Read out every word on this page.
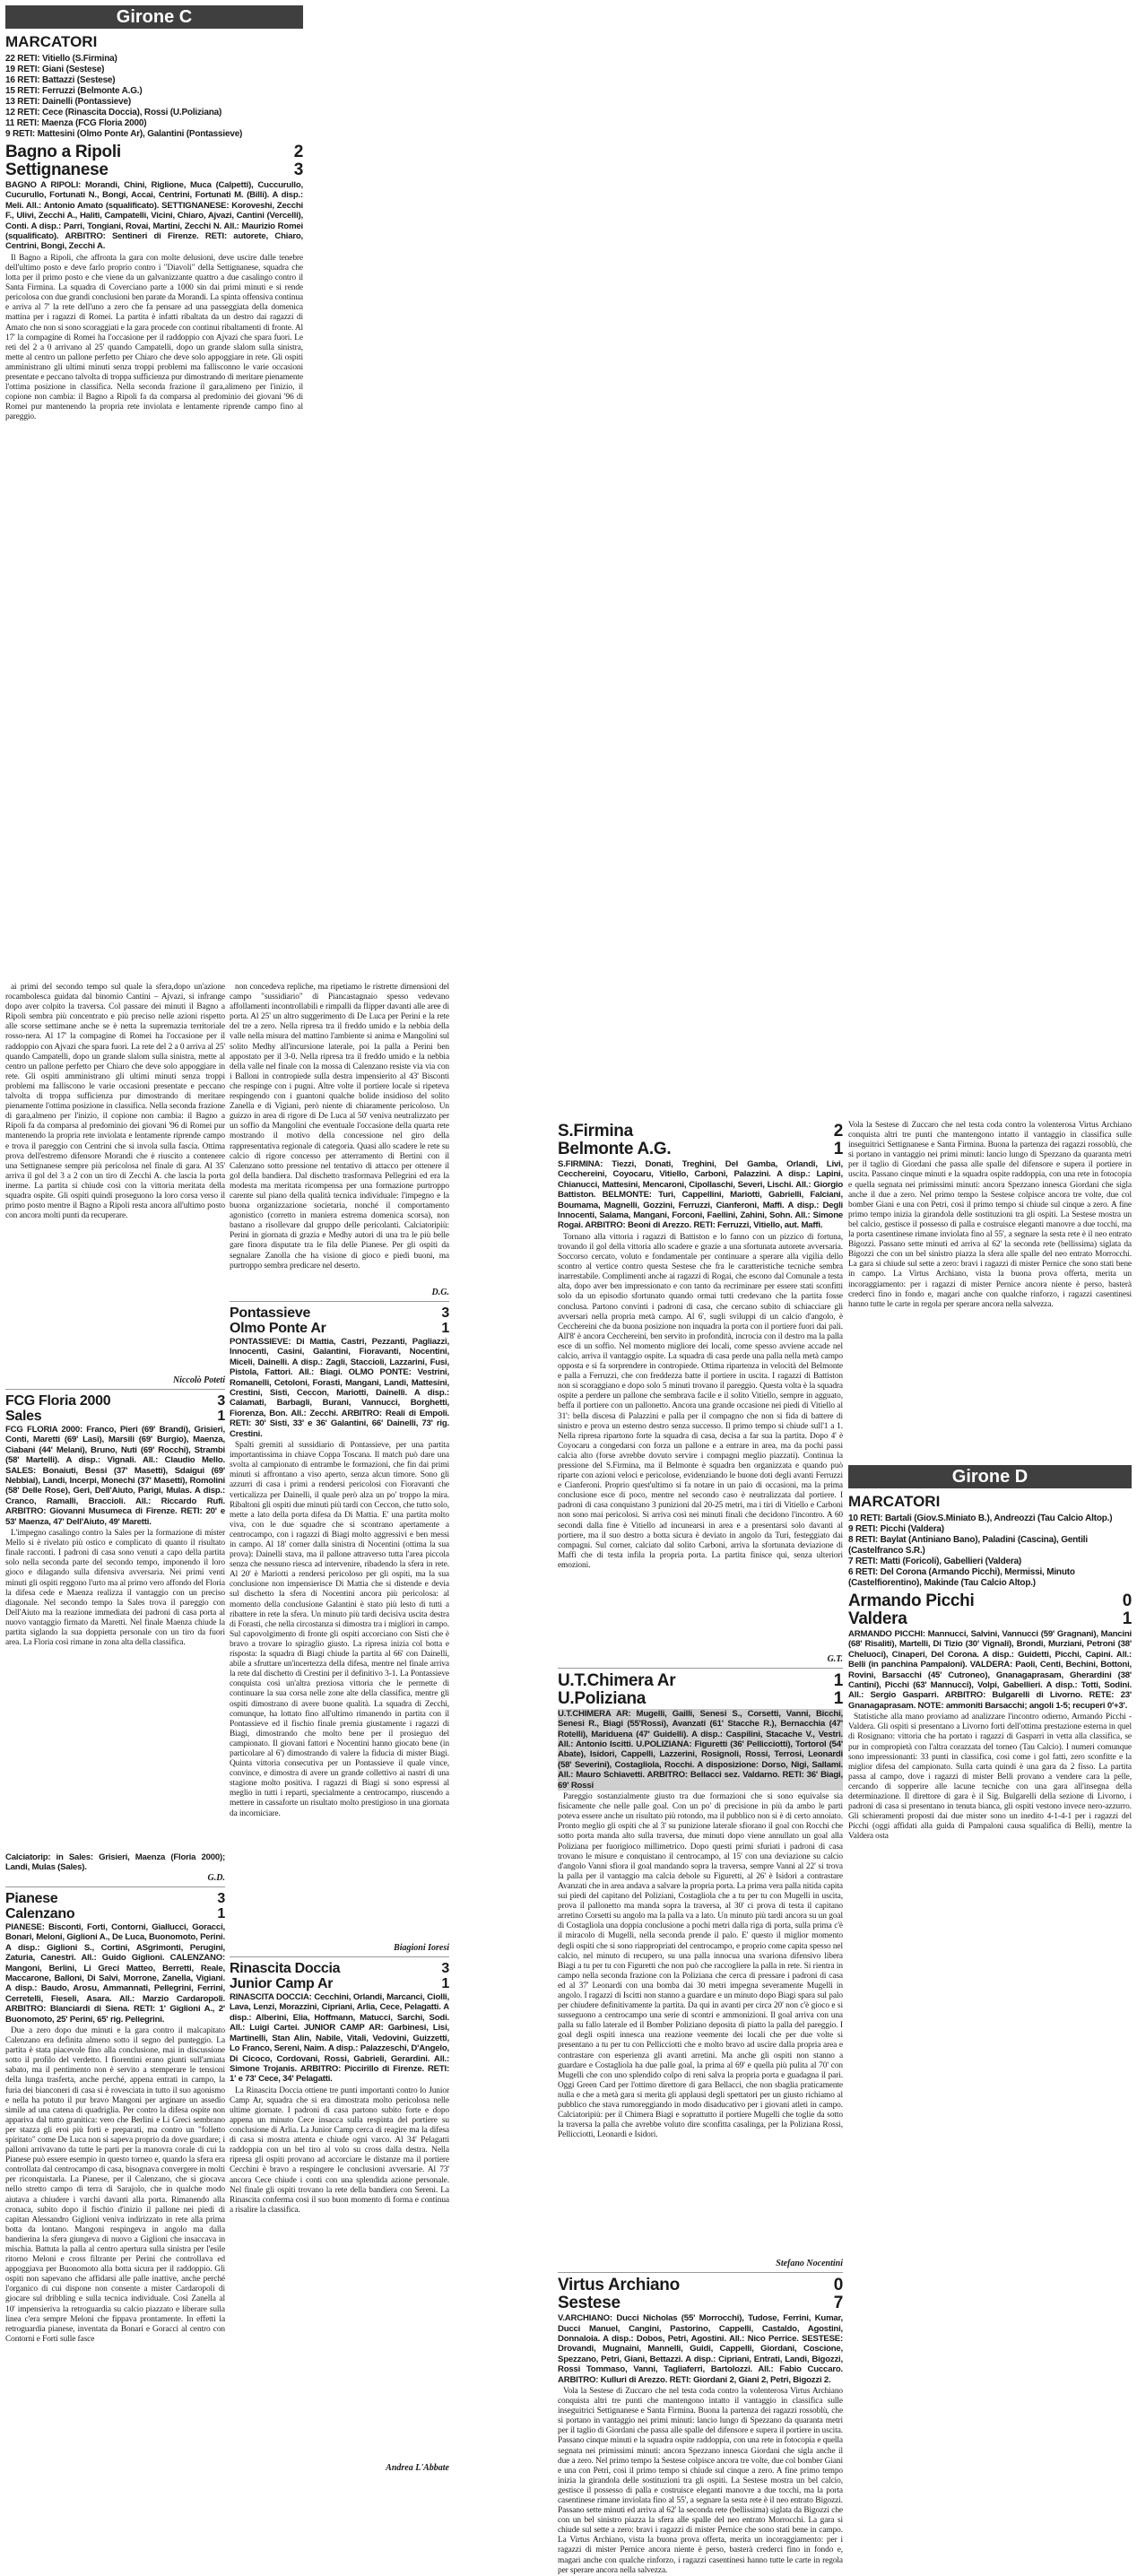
Girone C
MARCATORI
22 RETI: Vitiello (S.Firmina)
19 RETI: Giani (Sestese)
16 RETI: Battazzi (Sestese)
15 RETI: Ferruzzi (Belmonte A.G.)
13 RETI: Dainelli (Pontassieve)
12 RETI: Cece (Rinascita Doccia), Rossi (U.Poliziana)
11 RETI: Maenza (FCG Floria 2000)
9 RETI: Mattesini (Olmo Ponte Ar), Galantini (Pontassieve)
Bagno a Ripoli	2
Settignanese	3
BAGNO A RIPOLI: Morandi, Chini, Riglione, Muca (Calpetti), Cuccurullo, Cucurullo, Fortunati N., Bongi, Accai, Centrini, Fortunati M. (Billi). A disp.: Meli. All.: Antonio Amato (squalificato). SETTIGNANESE: Koroveshi, Zecchi F., Ulivi, Zecchi A., Haliti, Campatelli, Vicini, Chiaro, Ajvazi, Cantini (Vercelli), Conti. A disp.: Parri, Tongiani, Rovai, Martini, Zecchi N. All.: Maurizio Romei (squalificato). ARBITRO: Sentineri di Firenze. RETI: autorete, Chiaro, Centrini, Bongi, Zecchi A.
Il Bagno a Ripoli, che affronta la gara con molte delusioni, deve uscire dalle tenebre dell'ultimo posto e deve farlo proprio contro i "Diavoli" della Settignanese, squadra che lotta per il primo posto e che viene da un galvanizzante quattro a due casalingo contro il Santa Firmina. La squadra di Coverciano parte a 1000 sin dai primi minuti e si rende pericolosa con due grandi conclusioni ben parate da Morandi. La spinta offensiva continua e arriva al 7' la rete dell'uno a zero che fa pensare ad una passeggiata della domenica mattina per i ragazzi di Romei. La partita è infatti ribaltata da un destro dai ragazzi di Amato che non si sono scoraggiati e la gara procede con continui ribaltamenti di fronte. Al 17' la compagine di Romei ha l'occasione per il raddoppio con Ajvazi che spara fuori. Le reti del 2 a 0 arrivano al 25' quando Campatelli, dopo un grande slalom sulla sinistra, mette al centro un pallone perfetto per Chiaro che deve solo appoggiare in rete. Gli ospiti amministrano gli ultimi minuti senza troppi problemi ma fallisconno le varie occasioni presentate e peccano talvolta di troppa sufficienza pur dimostrando di meritare pienamente l'ottima posizione in classifica. Nella seconda frazione il gara,alimeno per l'inizio, il copione non cambia: il Bagno a Ripoli fa da comparsa al predominio dei giovani '96 di Romei pur mantenendo la propria rete inviolata e lentamente riprende campo fino al pareggio.
ai primi del secondo tempo sul quale la sfera,dopo un'azione rocambolesca guidata dal binomio Cantini – Ajvazi, si infrange dopo aver colpito la traversa. Col passare dei minuti il Bagno a Ripoli sembra più concentrato e più preciso nelle azioni rispetto alle scorse settimane anche se è netta la supremazia territoriale rosso-nera. Al 17' la compagine di Romei ha l'occasione per il raddoppio con Ajvazi che spara fuori. La rete del 2 a 0 arriva al 25' quando Campatelli, dopo un grande slalom sulla sinistra, mette al centro un pallone perfetto per Chiaro che deve solo appoggiare in rete. Gli ospiti amministrano gli ultimi minuti senza troppi problemi ma falliscono le varie occasioni presentate e peccano talvolta di troppa sufficienza pur dimostrando di meritare pienamente l'ottima posizione in classifica. Nella seconda frazione di gara,almeno per l'inizio, il copione non cambia: il Bagno a Ripoli fa da comparsa al predominio dei giovani '96 di Romei pur mantenendo la propria rete inviolata e lentamente riprende campo e trova il pareggio con Centrini che si invola sulla fascia. Ottima prova dell'estremo difensore Morandi che è riuscito a contenere una Settignanese sempre più pericolosa nel finale di gara. Al 35' arriva il gol del 3 a 2 con un tiro di Zecchi A. che lascia la porta inerme. La partita si chiude così con la vittoria meritata della squadra ospite. Gli ospiti quindi proseguono la loro corsa verso il primo posto mentre il Bagno a Ripoli resta ancora all'ultimo posto con ancora molti punti da recuperare.
Niccolò Poteti
FCG Floria 2000	3
Sales	1
FCG FLORIA 2000: Franco, Pieri (69' Brandi), Grisieri, Conti, Maretti (69' Lasi), Marsili (69' Burgio), Maenza, Ciabani (44' Melani), Bruno, Nuti (69' Rocchi), Strambi (58' Martelli). A disp.: Vignali. All.: Claudio Mello. SALES: Bonaiuti, Bessi (37' Masetti), Sdaigui (69' Nebbiai), Landi, Incerpi, Monechi (37' Masetti), Romolini (58' Delle Rose), Geri, Dell'Aiuto, Parigi, Mulas. A disp.: Cranco, Ramalli, Braccioli. All.: Riccardo Rufi. ARBITRO: Giovanni Musumeca di Firenze. RETI: 20' e 53' Maenza, 47' Dell'Aiuto, 49' Maretti.
L'impegno casalingo contro la Sales per la formazione di mister Mello si è rivelato più ostico e complicato di quanto il risultato finale racconti. I padroni di casa sono venuti a capo della partita solo nella seconda parte del secondo tempo, imponendo il loro gioco e dilagando sulla difensiva avversaria. Nei primi venti minuti gli ospiti reggono l'urto ma al primo vero affondo del Floria la difesa cede e Maenza realizza il vantaggio con un preciso diagonale. Nel secondo tempo la Sales trova il pareggio con Dell'Aiuto ma la reazione immediata dei padroni di casa porta al nuovo vantaggio firmato da Maretti. Nel finale Maenza chiude la partita siglando la sua doppietta personale con un tiro da fuori area. La Floria così rimane in zona alta della classifica.
Calciatorip: in Sales: Grisieri, Maenza (Floria 2000); Landi, Mulas (Sales).
G.D.
Pianese	3
Calenzano	1
PIANESE: Bisconti, Forti, Contorni, Giallucci, Goracci, Bonari, Meloni, Giglioni A., De Luca, Buonomoto, Perini. A disp.: Giglioni S., Cortini, ASgrimonti, Perugini, Zaturia, Canestri. All.: Guido Giglioni. CALENZANO: Mangoni, Berlini, Li Greci Matteo, Berretti, Reale, Maccarone, Balloni, Di Salvi, Morrone, Zanella, Vigiani. A disp.: Baudo, Arosu, Ammannati, Pellegrini, Ferrini, Cerretelli, Fieseli, Asara. All.: Marzio Cardaropoli. ARBITRO: Blanciardi di Siena. RETI: 1' Giglioni A., 2' Buonomoto, 25' Perini, 65' rig. Pellegrini.
Due a zero dopo due minuti e la gara contro il malcapitato Calenzano era definita almeno sotto il segno del punteggio. La partita è stata piacevole fino alla conclusione, mai in discussione sotto il profilo del verdetto. I fiorentini erano giunti sull'amiata sabato, ma il pentimento non è servito a stemperare le tensioni della lunga trasferta, anche perché, appena entrati in campo, la furia dei bianconeri di casa si è rovesciata in tutto il suo agonismo e nella ha potuto il pur bravo Mangoni per arginare un assedio simile ad una catena di quadriglia. Per contro la difesa ospite non appariva dal tutto granitica: vero che Berlini e Li Greci sembrano per stazza gli eroi più forti e preparati, ma contro un "folletto spiritato" come De Luca non si sapeva proprio da dove guardare; i palloni arrivavano da tutte le parti per la manovra corale di cui la Pianese può essere esempio in questo torneo e, quando la sfera era controllata dal centrocampo di casa, bisognava convergere in molti per riconquistarla. La Pianese, per il Calenzano, che si giocava nello stretto campo di terra di Sarajolo, che in qualche modo aiutava a chiudere i varchi davanti alla porta. Rimanendo alla cronaca, subito dopo il fischio d'inizio il pallone nei piedi di capitan Alessandro Giglioni veniva indirizzato in rete alla prima botta da lontano. Mangoni respingeva in angolo ma dalla bandierina la sfera giungeva di nuovo a Giglioni che insaccava in mischia. Battuta la palla al centro apertura sulla sinistra per l'esile ritorno Meloni e cross filtrante per Perini che controllava ed appoggiava per Buonomoto alla botta sicura per il raddoppio. Gli ospiti non sapevano che affidarsi alle palle inattive, anche perché l'organico di cui dispone non consente a mister Cardaropoli di giocare sul dribbling e sulla tecnica individuale. Così Zanella al 10' impensieriva la retroguardia su calcio piazzato e liberare sulla linea c'era sempre Meloni che fippava prontamente. In effetti la retroguardia pianese, inventata da Bonari e Goracci al centro con Contorni e Forti sulle fasce
non concedeva repliche, ma ripetiamo le ristrette dimensioni del campo "sussidiario" di Piancastagnaio spesso vedevano affollamenti incontrollabili e rimpalli da flipper davanti alle aree di porta. Al 25' un altro suggerimento di De Luca per Perini e la rete del tre a zero. Nella ripresa tra il freddo umido e la nebbia della valle nella misura del mattino l'ambiente si anima e Mangolini sul solito Medhy all'incursione laterale, poi la palla a Perini ben appostato per il 3-0. Nella ripresa tra il freddo umido e la nebbia della valle nel finale con la mossa di Calenzano resiste via via con i Balloni in contropiede sulla destra impensierito al 43' Bisconti che respinge con i pugni. Altre volte il portiere locale si ripeteva respingendo con i guantoni qualche bolide insidioso del solito Zanella e di Vigiani, però niente di chiaramente pericoloso. Un guizzo in area di rigore di De Luca al 50' veniva neutralizzato per un soffio da Mangolini che eventuale l'occasione della quarta rete mostrando il motivo della concessione nel giro della rappresentativa regionale di categoria. Quasi allo scadere le rete su calcio di rigore concesso per atterramento di Bertini con il Calenzano sotto pressione nel tentativo di attacco per ottenere il gol della bandiera. Dal dischetto trasformava Pellegrini ed era la modesta ma meritata ricompensa per una formazione purtroppo carente sul piano della qualità tecnica individuale: l'impegno e la buona organizzazione societaria, nonché il comportamento agonistico (corretto in maniera estrema domenica scorsa), non bastano a risollevare dal gruppo delle pericolanti. Calciatoripiù: Perini in giornata di grazia e Medhy autori di una tra le più belle gare finora disputate tra le fila delle Pianese. Per gli ospiti da segnalare Zanolla che ha visione di gioco e piedi buoni, ma purtroppo sembra predicare nel deserto.
D.G.
Pontassieve	3
Olmo Ponte Ar	1
PONTASSIEVE: Di Mattia, Castri, Pezzanti, Pagliazzi, Innocenti, Casini, Galantini, Fioravanti, Nocentini, Miceli, Dainelli. A disp.: Zagli, Staccioli, Lazzarini, Fusi, Pistola, Fattori. All.: Biagi. OLMO PONTE: Vestrini, Romanelli, Cetoloni, Forasti, Mangani, Landi, Mattesini, Crestini, Sisti, Ceccon, Mariotti, Dainelli. A disp.: Calamati, Barbagli, Burani, Vannucci, Borghetti, Fiorenza, Bon. All.: Zecchi. ARBITRO: Reali di Empoli. RETI: 30' Sisti, 33' e 36' Galantini, 66' Dainelli, 73' rig. Crestini.
Spalti gremiti al sussidiario di Pontassieve, per una partita importantissima in chiave Coppa Toscana. Il match può dare una svolta al campionato di entrambe le formazioni, che fin dai primi minuti si affrontano a viso aperto, senza alcun timore. Sono gli azzurri di casa i primi a rendersi pericolosi con Fioravanti che verticalizza per Dainelli, il quale però alza un po' troppo la mira. Ribaltoni gli ospiti due minuti più tardi con Ceccon, che tutto solo, mette a lato della porta difesa da Di Mattia. E' una partita molto viva, con le due squadre che si scontrano apertamente a centrocampo, con i ragazzi di Biagi molto aggressivi e ben messi in campo. Al 18' corner dalla sinistra di Nocentini (ottima la sua prova): Dainelli stava, ma il pallone attraverso tutta l'area piccola senza che nessuno riesca ad intervenire, ribadendo la sfera in rete. Al 20' è Mariotti a rendersi pericoloso per gli ospiti, ma la sua conclusione non impensierisce Di Mattia che si distende e devia sul dischetto la sfera di Nocentini ancora più pericolosa: al momento della conclusione Galantini è stato più lesto di tutti a ribattere in rete la sfera. Un minuto più tardi decisiva uscita destra di Forasti, che nella circostanza si dimostra tra i migliori in campo. Sul capovolgimento di fronte gli ospiti accorciano con Sisti che è bravo a trovare lo spiraglio giusto. La ripresa inizia col botta e risposta: la squadra di Biagi chiude la partita al 66' con Dainelli, abile a sfruttare un'incertezza della difesa, mentre nel finale arriva la rete dal dischetto di Crestini per il definitivo 3-1. La Pontassieve conquista così un'altra preziosa vittoria che le permette di continuare la sua corsa nelle zone alte della classifica, mentre gli ospiti dimostrano di avere buone qualità. La squadra di Zecchi, comunque, ha lottato fino all'ultimo rimanendo in partita con il Pontassieve ed il fischio finale premia giustamente i ragazzi di Biagi, dimostrando che molto bene per il prosieguo del campionato. Il giovani fattori e Nocentini hanno giocato bene (in particolare al 6') dimostrando di valere la fiducia di mister Biagi. Quinta vittoria consecutiva per un Pontassieve il quale vince, convince, e dimostra di avere un grande collettivo ai nastri di una stagione molto positiva. I ragazzi di Biagi si sono espressi al meglio in tutti i reparti, specialmente a centrocampo, riuscendo a mettere in cassaforte un risultato molto prestigioso in una giornata da incorniciare.
Biagioni Ioresi
Rinascita Doccia	3
Junior Camp Ar	1
RINASCITA DOCCIA: Cecchini, Orlandi, Marcanci, Ciolli, Lava, Lenzi, Morazzini, Cipriani, Arlia, Cece, Pelagatti. A disp.: Alberini, Elia, Hoffmann, Matucci, Sarchi, Sodi. All.: Luigi Cartei. JUNIOR CAMP AR: Garbinesi, Lisi, Martinelli, Stan Alin, Nabile, Vitali, Vedovini, Guizzetti, Lo Franco, Sereni, Naim. A disp.: Palazzeschi, D'Angelo, Di Cicoco, Cordovani, Rossi, Gabrieli, Gerardini. All.: Simone Trojanis. ARBITRO: Piccirillo di Firenze. RETI: 1' e 73' Cece, 34' Pelagatti.
La Rinascita Doccia ottiene tre punti importanti contro lo Junior Camp Ar, squadra che si era dimostrata molto pericolosa nelle ultime giornate. I padroni di casa partono subito forte e dopo appena un minuto Cece insacca sulla respinta del portiere su conclusione di Arlia. La Junior Camp cerca di reagire ma la difesa di casa si mostra attenta e chiude ogni varco. Al 34' Pelagatti raddoppia con un bel tiro al volo su cross dalla destra. Nella ripresa gli ospiti provano ad accorciare le distanze ma il portiere Cecchini è bravo a respingere le conclusioni avversarie. Al 73' ancora Cece chiude i conti con una splendida azione personale. Nel finale gli ospiti trovano la rete della bandiera con Sereni. La Rinascita conferma così il suo buon momento di forma e continua a risalire la classifica.
Andrea L'Abbate
S.Firmina	2
Belmonte A.G.	1
S.FIRMINA: Tiezzi, Donati, Treghini, Del Gamba, Orlandi, Livi, Cecchereini, Coyocaru, Vitiello, Carboni, Palazzini. A disp.: Lapini, Chianucci, Mattesini, Mencaroni, Cipollaschi, Severi, Lischi. All.: Giorgio Battiston. BELMONTE: Turi, Cappellini, Mariotti, Gabrielli, Falciani, Boumama, Magnelli, Gozzini, Ferruzzi, Cianferoni, Maffi. A disp.: Degli Innocenti, Salama, Mangani, Forconi, Faellini, Zahini, Sohn. All.: Simone Rogai. ARBITRO: Beoni di Arezzo. RETI: Ferruzzi, Vitiello, aut. Maffi.
Tornano alla vittoria i ragazzi di Battiston e lo fanno con un pizzico di fortuna, trovando il gol della vittoria allo scadere e grazie a una sfortunata autorete avversaria. Soccorso cercato, voluto e fondamentale per continuare a sperare alla vigilia dello scontro al vertice contro questa Sestese che fra le caratteristiche tecniche sembra inarrestabile. Complimenti anche ai ragazzi di Rogai, che escono dal Comunale a testa alta, dopo aver ben impressionato e con tanto da recriminare per essere stati sconfitti solo da un episodio sfortunato quando ormai tutti credevano che la partita fosse conclusa. Partono convinti i padroni di casa, che cercano subito di schiacciare gli avversari nella propria metà campo. Al 6', sugli sviluppi di un calcio d'angolo, è Cecchereini che da buona posizione non inquadra la porta con il portiere fuori dai pali. All'8' è ancora Cecchereini, ben servito in profondità, incrocia con il destro ma la palla esce di un soffio. Nel momento migliore dei locali, come spesso avviene accade nel calcio, arriva il vantaggio ospite. La squadra di casa perde una palla nella metà campo opposta e si fa sorprendere in contropiede. Ottima ripartenza in velocità del Belmonte e palla a Ferruzzi, che con freddezza batte il portiere in uscita. I ragazzi di Battiston non si scoraggiano e dopo solo 5 minuti trovano il pareggio. Questa volta è la squadra ospite a perdere un pallone che sembrava facile e il solito Vitiello, sempre in agguato, beffa il portiere con un pallonetto. Ancora una grande occasione nei piedi di Vitiello al 31': bella discesa di Palazzini e palla per il compagno che non si fida di battere di sinistro e prova un esterno destro senza successo. Il primo tempo si chiude sull'1 a 1. Nella ripresa ripartono forte la squadra di casa, decisa a far sua la partita. Dopo 4' è Coyocaru a congedarsi con forza un pallone e a entrare in area, ma da pochi passi calcia alto (forse avrebbe dovuto servire i compagni meglio piazzati). Continua la pressione del S.Firmina, ma il Belmonte è squadra ben organizzata e quando può riparte con azioni veloci e pericolose, evidenziando le buone doti degli avanti Ferruzzi e Cianferoni. Proprio quest'ultimo si fa notare in un paio di occasioni, ma la prima conclusione esce di poco, mentre nel secondo caso è neutralizzata dal portiere. I padroni di casa conquistano 3 punizioni dal 20-25 metri, ma i tiri di Vitiello e Carboni non sono mai pericolosi. Si arriva così nei minuti finali che decidono l'incontro. A 60 secondi dalla fine è Vitiello ad incunearsi in area e a presentarsi solo davanti al portiere, ma il suo destro a botta sicura è deviato in angolo da Turi, festeggiato dai compagni. Sul corner, calciato dal solito Carboni, arriva la sfortunata deviazione di Maffi che di testa infila la propria porta. La partita finisce qui, senza ulteriori emozioni.
G.T.
U.T.Chimera Ar	1
U.Poliziana	1
U.T.CHIMERA AR: Mugelli, Gailli, Senesi S., Corsetti, Vanni, Bicchi, Senesi R., Biagi (55'Rossi), Avanzati (61' Stacche R.), Bernacchia (47' Rotelli), Mariduena (47' Guidelli). A disp.: Caspilini, Stacache V., Vestri. All.: Antonio Iscitti. U.POLIZIANA: Figuretti (36' Pellicciotti), Tortorol (54' Abate), Isidori, Cappelli, Lazzerini, Rosignoli, Rossi, Terrosi, Leonardi (58' Severini), Costagliola, Rocchi. A disposizione: Dorso, Nigi, Sallami. All.: Mauro Schiavetti. ARBITRO: Bellacci sez. Valdarno. RETI: 36' Biagi, 69' Rossi
Pareggio sostanzialmente giusto tra due formazioni che si sono equivalse sia fisicamente che nelle palle goal. Con un po' di precisione in più da ambo le parti poteva essere anche un risultato più rotondo, ma il pubblico non si è di certo annoiato. Pronto meglio gli ospiti che al 3' su punizione laterale sfiorano il goal con Rocchi che sotto porta manda alto sulla traversa, due minuti dopo viene annullato un goal alla Poliziana per fuorigioco millimetrico. Dopo questi primi sfuriati i padroni di casa trovano le misure e conquistano il centrocampo, al 15' con una deviazione su calcio d'angolo Vanni sfiora il goal mandando sopra la traversa, sempre Vanni al 22' si trova la palla per il vantaggio ma calcia debole su Figuretti, al 26' è Isidori a contrastare Avanzati che in area andava a salvare la propria porta. La prima vera palla nitida capita sui piedi del capitano del Poliziani, Costagliola che a tu per tu con Mugelli in uscita, prova il pallonetto ma manda sopra la traversa, al 30' ci prova di testa il capitano arretino Corsetti su angolo ma la palla va a lato. Un minuto più tardi ancora su un goal di Costagliola una doppia conclusione a pochi metri dalla riga di porta, sulla prima c'è il miracolo di Mugelli, nella seconda prende il palo. E' questo il miglior momento degli ospiti che si sono riappropriati del centrocampo, e proprio come capita spesso nel calcio, nel minuto di recupero, su una palla innocua una svariona difensivo libera Biagi a tu per tu con Figuretti che non può che raccogliere la palla in rete. Si rientra in campo nella seconda frazione con la Poliziana che cerca di pressare i padroni di casa ed al 37' Leonardi con una bomba dai 30 metri impegna severamente Mugelli in angolo. I ragazzi di Iscitti non stanno a guardare e un minuto dopo Biagi spara sul palo per chiudere definitivamente la partita. Da qui in avanti per circa 20' non c'è gioco e si susseguono a centrocampo una serie di scontri e ammonizioni. Il goal arriva con una palla su fallo laterale ed il Bomber Poliziano deposita di piatto la palla del pareggio. I goal degli ospiti innesca una reazione veemente dei locali che per due volte si presentano a tu per tu con Pellicciotti che e molto bravo ad uscire dalla propria area e contrastare con esperienza gli avanti arretini. Ma anche gli ospiti non stanno a guardare e Costagliola ha due palle goal, la prima al 69' e quella più pulita al 70' con Mugelli che con uno splendido colpo di reni salva la propria porta e guadagna il pari. Oggi Green Card per l'ottimo direttore di gara Bellacci, che non sbaglia praticamente nulla e che a metà gara si merita gli applausi degli spettatori per un giusto richiamo al pubblico che stava rumoreggiando in modo disaducativo per i giovani atleti in campo. Calciatoripiù: per il Chimera Biagi e soprattutto il portiere Mugelli che toglie da sotto la traversa la palla che avrebbe voluto dire sconfitta casalinga, per la Poliziana Rossi, Pellicciotti, Leonardi e Isidori.
Stefano Nocentini
Virtus Archiano	0
Sestese	7
V.ARCHIANO: Ducci Nicholas (55' Morrocchi), Tudose, Ferrini, Kumar, Ducci Manuel, Cangini, Pastorino, Cappelli, Castaldo, Agostini, Donnaloia. A disp.: Dobos, Petri, Agostini. All.: Nico Perrice. SESTESE: Drovandi, Mugnaini, Mannelli, Guidi, Cappelli, Giordani, Coscione, Spezzano, Petri, Giani, Bettazzi. A disp.: Cipriani, Entrati, Landi, Bigozzi, Rossi Tommaso, Vanni, Tagliaferri, Bartolozzi. All.: Fabio Cuccaro. ARBITRO: Kulluri di Arezzo. RETI: Giordani 2, Giani 2, Petri, Bigozzi 2.
Vola la Sestese di Zuccaro che nel testa coda contro la volenterosa Virtus Archiano conquista altri tre punti che mantengono intatto il vantaggio in classifica sulle inseguitrici Settignanese e Santa Firmina. Buona la partenza dei ragazzi rossoblù, che si portano in vantaggio nei primi minuti: lancio lungo di Spezzano da quaranta metri per il taglio di Giordani che passa alle spalle del difensore e supera il portiere in uscita. Passano cinque minuti e la squadra ospite raddoppia, con una rete in fotocopia e quella segnata nei primissimi minuti: ancora Spezzano innesca Giordani che sigla anche il due a zero. Nel primo tempo la Sestese colpisce ancora tre volte, due col bomber Giani e una con Petri, così il primo tempo si chiude sul cinque a zero. A fine primo tempo inizia la girandola delle sostituzioni tra gli ospiti. La Sestese mostra un bel calcio, gestisce il possesso di palla e costruisce eleganti manovre a due tocchi, ma la porta casentinese rimane inviolata fino al 55', a segnare la sesta rete è il neo entrato Bigozzi. Passano sette minuti ed arriva al 62' la seconda rete (bellissima) siglata da Bigozzi che con un bel sinistro piazza la sfera alle spalle del neo entrato Morrocchi. La gara si chiude sul sette a zero: bravi i ragazzi di mister Pernice che sono stati bene in campo. La Virtus Archiano, vista la buona prova offerta, merita un incoraggiamento: per i ragazzi di mister Pernice ancora niente è perso, basterà crederci fino in fondo e, magari anche con qualche rinforzo, i ragazzi casentinesi hanno tutte le carte in regola per sperare ancora nella salvezza.
Vola la Sestese di Zuccaro che nel testa coda contro la volenterosa Virtus Archiano conquista altri tre punti che mantengono intatto il vantaggio in classifica sulle inseguitrici Settignanese e Santa Firmina. Buona la partenza dei ragazzi rossoblù, che si portano in vantaggio nei primi minuti: lancio lungo di Spezzano da quaranta metri per il taglio di Giordani che passa alle spalle del difensore e supera il portiere in uscita. Passano cinque minuti e la squadra ospite raddoppia, con una rete in fotocopia e quella segnata nei primissimi minuti: ancora Spezzano innesca Giordani che sigla anche il due a zero. Nel primo tempo la Sestese colpisce ancora tre volte, due col bomber Giani e una con Petri, così il primo tempo si chiude sul cinque a zero. A fine primo tempo inizia la girandola delle sostituzioni tra gli ospiti. La Sestese mostra un bel calcio, gestisce il possesso di palla e costruisce eleganti manovre a due tocchi, ma la porta casentinese rimane inviolata fino al 55', a segnare la sesta rete è il neo entrato Bigozzi. Passano sette minuti ed arriva al 62' la seconda rete (bellissima) siglata da Bigozzi che con un bel sinistro piazza la sfera alle spalle del neo entrato Morrocchi. La gara si chiude sul sette a zero: bravi i ragazzi di mister Pernice che sono stati bene in campo. La Virtus Archiano, vista la buona prova offerta, merita un incoraggiamento: per i ragazzi di mister Pernice ancora niente è perso, basterà crederci fino in fondo e, magari anche con qualche rinforzo, i ragazzi casentinesi hanno tutte le carte in regola per sperare ancora nella salvezza.
Girone D
MARCATORI
10 RETI: Bartali (Giov.S.Miniato B.), Andreozzi (Tau Calcio Altop.)
9 RETI: Picchi (Valdera)
8 RETI: Baylat (Antiniano Bano), Paladini (Cascina), Gentili (Castelfranco S.R.)
7 RETI: Matti (Foricoli), Gabellieri (Valdera)
6 RETI: Del Corona (Armando Picchi), Mermissi, Minuto (Castelfiorentino), Makinde (Tau Calcio Altop.)
Armando Picchi	0
Valdera	1
ARMANDO PICCHI: Mannucci, Salvini, Vannucci (59' Gragnani), Mancini (68' Risaliti), Martelli, Di Tizio (30' Vignali), Brondi, Murziani, Petroni (38' Cheluoci), Cinaperi, Del Corona. A disp.: Guidetti, Picchi, Capini. All.: Belli (in panchina Pampaloni). VALDERA: Paoli, Centi, Bechini, Bottoni, Rovini, Barsacchi (45' Cutroneo), Gnanagaprasam, Gherardini (38' Cantini), Picchi (63' Mannucci), Volpi, Gabellieri. A disp.: Totti, Sodini. All.: Sergio Gasparri. ARBITRO: Bulgarelli di Livorno. RETE: 23' Gnanagaprasam. NOTE: ammoniti Barsacchi; angoli 1-5; recuperi 0'+3'.
Statistiche alla mano proviamo ad analizzare l'incontro odierno, Armando Picchi - Valdera. Gli ospiti si presentano a Livorno forti dell'ottima prestazione esterna in quel di Rosignano: vittoria che ha portato i ragazzi di Gasparri in vetta alla classifica, se pur in compropietà con l'altra corazzata del torneo (Tau Calcio). I numeri comunque sono impressionanti: 33 punti in classifica, così come i gol fatti, zero sconfitte e la miglior difesa del campionato. Sulla carta quindi è una gara da 2 fisso. La partita passa al campo, dove i ragazzi di mister Belli provano a vendere cara la pelle, cercando di sopperire alle lacune tecniche con una gara all'insegna della determinazione. Il direttore di gara è il Sig. Bulgarelli della sezione di Livorno, i padroni di casa si presentano in tenuta bianca, gli ospiti vestono invece nero-azzurro. Gli schieramenti proposti dai due mister sono un inedito 4-1-4-1 per i ragazzi del Picchi (oggi affidati alla guida di Pampaloni causa squalifica di Belli), mentre la Valdera osta
